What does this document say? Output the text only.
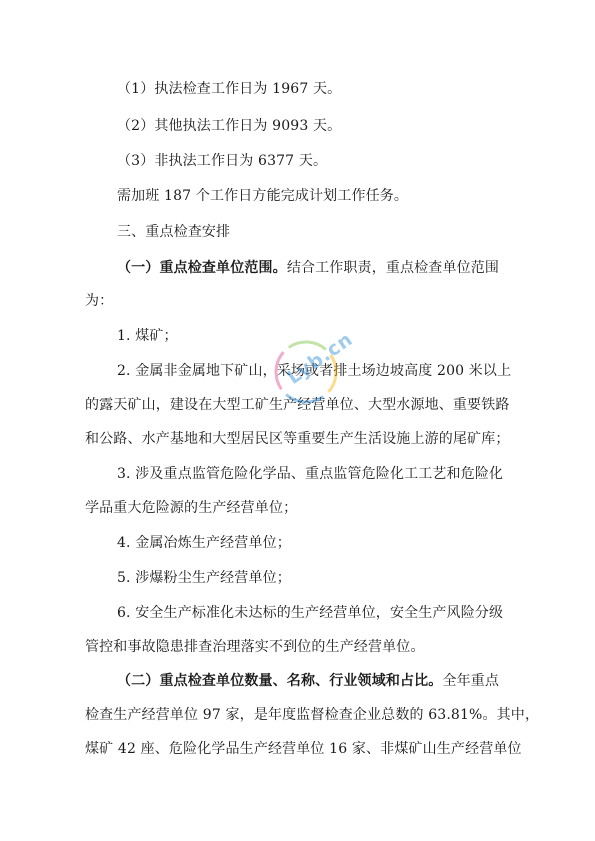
（1）执法检查工作日为 1967 天。
（2）其他执法工作日为 9093 天。
（3）非执法工作日为 6377 天。
需加班 187 个工作日方能完成计划工作任务。
三、重点检查安排
（一）重点检查单位范围。结合工作职责，重点检查单位范围
为：
1. 煤矿；
2. 金属非金属地下矿山，采场或者排土场边坡高度 200 米以上
的露天矿山，建设在大型工矿生产经营单位、大型水源地、重要铁路
和公路、水产基地和大型居民区等重要生产生活设施上游的尾矿库；
3. 涉及重点监管危险化学品、重点监管危险化工工艺和危险化
学品重大危险源的生产经营单位；
4. 金属冶炼生产经营单位；
5. 涉爆粉尘生产经营单位；
6. 安全生产标准化未达标的生产经营单位，安全生产风险分级
管控和事故隐患排查治理落实不到位的生产经营单位。
（二）重点检查单位数量、名称、行业领域和占比。全年重点
检查生产经营单位 97 家，是年度监督检查企业总数的 63.81%。其中，
煤矿 42 座、危险化学品生产经营单位 16 家、非煤矿山生产经营单位
Lyb.cn
